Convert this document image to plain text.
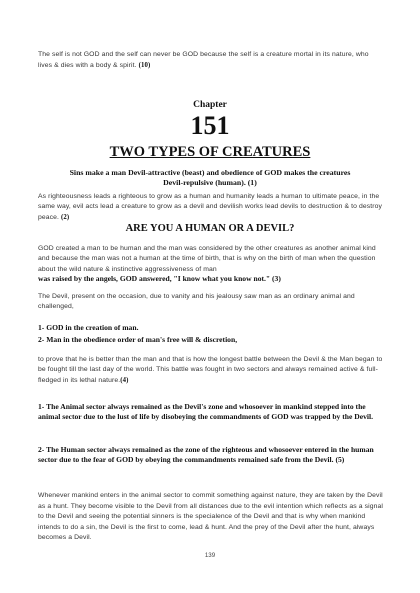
The self is not GOD and the self can never be GOD because the self is a creature mortal in its nature, who lives & dies with a body & spirit. (10)

Chapter
151
TWO TYPES OF CREATURES
Sins make a man Devil-attractive (beast) and obedience of GOD makes the creatures Devil-repulsive (human). (1)

As righteousness leads a righteous to grow as a human and humanity leads a human to ultimate peace, in the same way, evil acts lead a creature to grow as a devil and devilish works lead devils to destruction & to destroy peace. (2)

ARE YOU A HUMAN OR A DEVIL?

GOD created a man to be human and the man was considered by the other creatures as another animal kind and because the man was not a human at the time of birth, that is why on the birth of man when the question about the wild nature & instinctive aggressiveness of man

was raised by the angels, GOD answered, "I know what you know not." (3)

The Devil, present on the occasion, due to vanity and his jealousy saw man as an ordinary animal and challenged,

1- GOD in the creation of man.
2- Man in the obedience order of man's free will & discretion,

to prove that he is better than the man and that is how the longest battle between the Devil & the Man began to be fought till the last day of the world. This battle was fought in two sectors and always remained active & full-fledged in its lethal nature.(4)

1- The Animal sector always remained as the Devil's zone and whosoever in mankind stepped into the animal sector due to the lust of life by disobeying the commandments of GOD was trapped by the Devil.

2- The Human sector always remained as the zone of the righteous and whosoever entered in the human sector due to the fear of GOD by obeying the commandments remained safe from the Devil. (5)

Whenever mankind enters in the animal sector to commit something against nature, they are taken by the Devil as a hunt. They become visible to the Devil from all distances due to the evil intention which reflects as a signal to the Devil and seeing the potential sinners is the specialence of the Devil and that is why when mankind intends to do a sin, the Devil is the first to come, lead & hunt. And the prey of the Devil after the hunt, always becomes a Devil.

139
